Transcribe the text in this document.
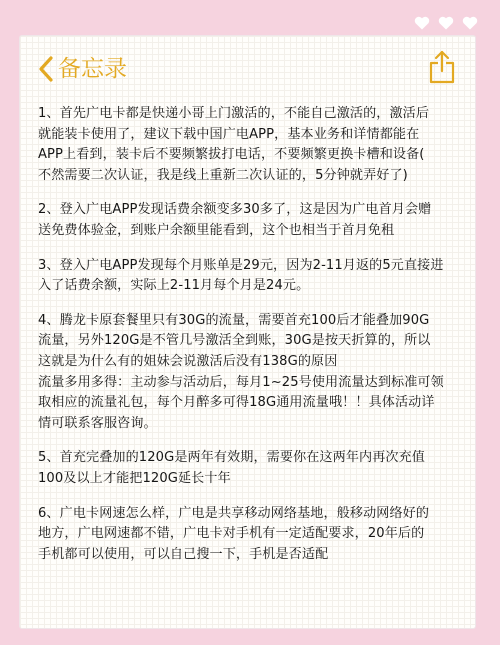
备忘录

1、首先广电卡都是快递小哥上门激活的，不能自己激活的，激活后
就能装卡使用了，建议下载中国广电APP，基本业务和详情都能在
APP上看到，装卡后不要频繁拔打电话，不要频繁更换卡槽和设备(
不然需要二次认证，我是线上重新二次认证的，5分钟就弄好了)

2、登入广电APP发现话费余额变多30多了，这是因为广电首月会赠
送免费体验金，到账户余额里能看到，这个也相当于首月免租

3、登入广电APP发现每个月账单是29元，因为2-11月返的5元直接进
入了话费余额，实际上2-11月每个月是24元。

4、腾龙卡原套餐里只有30G的流量，需要首充100后才能叠加90G
流量，另外120G是不管几号激活全到账，30G是按天折算的，所以
这就是为什么有的姐妹会说激活后没有138G的原因
流量多用多得：主动参与活动后，每月1~25号使用流量达到标准可领
取相应的流量礼包，每个月醉多可得18G通用流量哦！！具体活动详
情可联系客服咨询。

5、首充完叠加的120G是两年有效期，需要你在这两年内再次充值
100及以上才能把120G延长十年

6、广电卡网速怎么样，广电是共享移动网络基地，般移动网络好的
地方，广电网速都不错，广电卡对手机有一定适配要求，20年后的
手机都可以使用，可以自己搜一下，手机是否适配
